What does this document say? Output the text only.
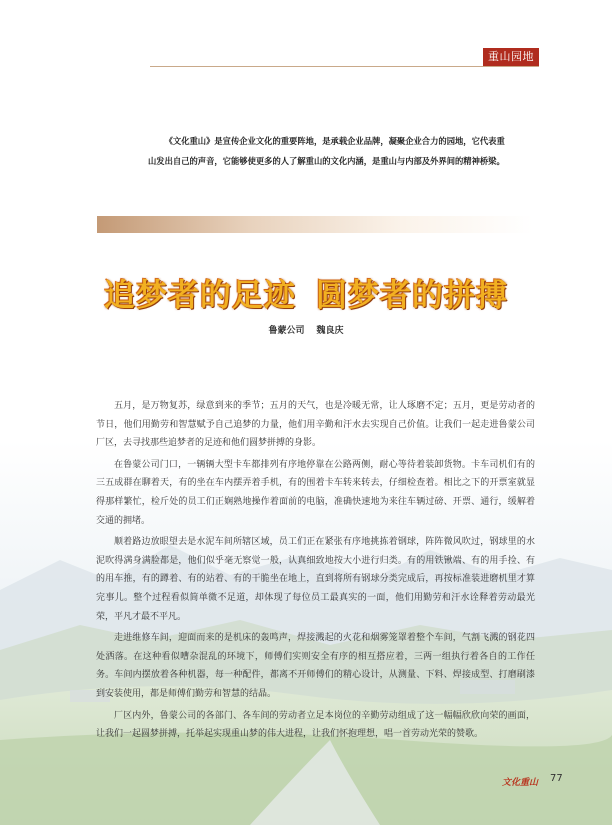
重山园地

《文化重山》是宣传企业文化的重要阵地，是承载企业品牌，凝聚企业合力的园地，它代表重山发出自己的声音，它能够使更多的人了解重山的文化内涵，是重山与内部及外界间的精神桥梁。

追梦者的足迹 圆梦者的拼搏
鲁蒙公司 魏良庆

五月，是万物复苏，绿意到来的季节；五月的天气，也是冷暖无常，让人琢磨不定；五月，更是劳动者的节日，他们用勤劳和智慧赋予自己追梦的力量，他们用辛勤和汗水去实现自己价值。让我们一起走进鲁蒙公司厂区，去寻找那些追梦者的足迹和他们圆梦拼搏的身影。

在鲁蒙公司门口，一辆辆大型卡车都排列有序地停靠在公路两侧，耐心等待着装卸货物。卡车司机们有的三五成群在聊着天，有的坐在车内摆弄着手机，有的围着卡车转来转去，仔细检查着。相比之下的开票室就显得那样繁忙，检斤处的员工们正娴熟地操作着面前的电脑，准确快速地为来往车辆过磅、开票、通行，缓解着交通的拥堵。

顺着路边放眼望去是水泥车间所辖区域，员工们正在紧张有序地挑拣着钢球，阵阵微风吹过，钢球里的水泥吹得满身满脸都是，他们似乎毫无察觉一般，认真细致地按大小进行归类。有的用铁锹端、有的用手捡、有的用车推，有的蹲着、有的站着、有的干脆坐在地上，直到将所有钢球分类完成后，再按标准装进磨机里才算完事儿。整个过程看似简单微不足道，却体现了每位员工最真实的一面，他们用勤劳和汗水诠释着劳动最光荣，平凡才最不平凡。

走进维修车间，迎面而来的是机床的轰鸣声，焊接溅起的火花和烟雾笼罩着整个车间，气割飞溅的钢花四处洒落。在这种看似嘈杂混乱的环境下，师傅们实则安全有序的相互搭应着，三两一组执行着各自的工作任务。车间内摆放着各种机器，每一种配件，都离不开师傅们的精心设计，从测量、下料、焊接成型、打磨刷漆到安装使用，都是师傅们勤劳和智慧的结晶。

厂区内外，鲁蒙公司的各部门、各车间的劳动者立足本岗位的辛勤劳动组成了这一幅幅欣欣向荣的画面，让我们一起圆梦拼搏，托举起实现重山梦的伟大进程，让我们怀抱理想，唱一首劳动光荣的赞歌。

文化重山 77
